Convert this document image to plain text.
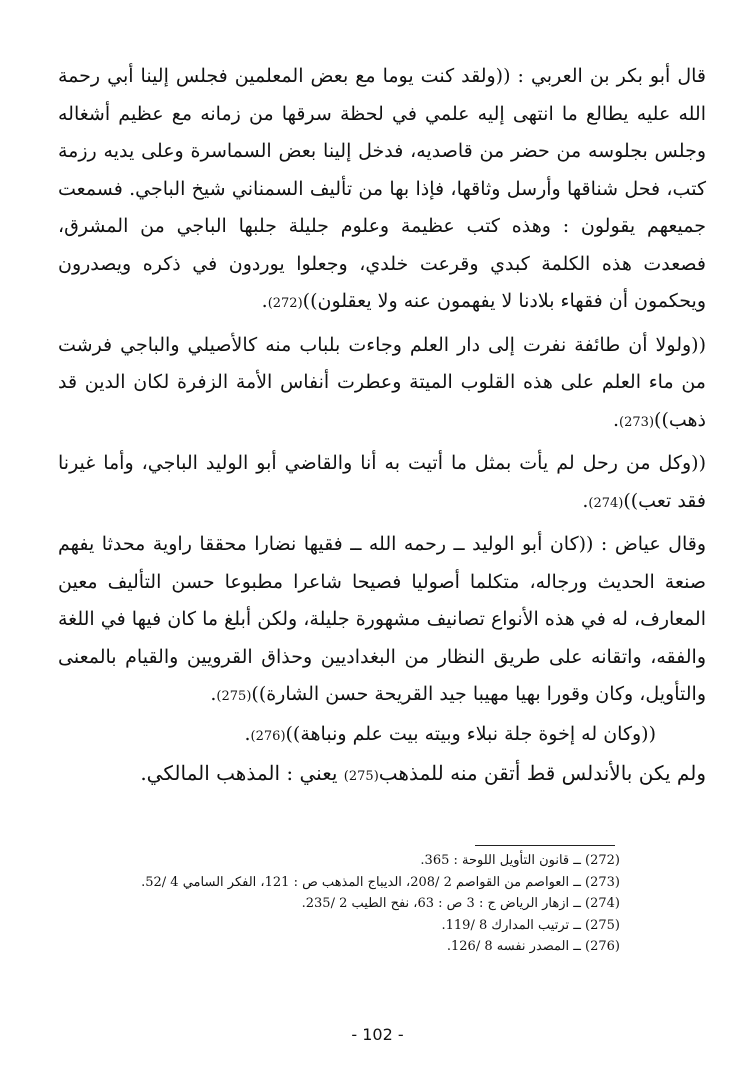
قال أبو بكر بن العربي : ((ولقد كنت يوما مع بعض المعلمين فجلس إلينا أبي رحمة الله عليه يطالع ما انتهى إليه علمي في لحظة سرقها من زمانه مع عظيم أشغاله وجلس بجلوسه من حضر من قاصديه، فدخل إلينا بعض السماسرة وعلى يديه رزمة كتب، فحل شناقها وأرسل وثاقها، فإذا بها من تأليف السمناني شيخ الباجي. فسمعت جميعهم يقولون : وهذه كتب عظيمة وعلوم جليلة جلبها الباجي من المشرق، فصعدت هذه الكلمة كبدي وقرعت خلدي، وجعلوا يوردون في ذكره ويصدرون ويحكمون أن فقهاء بلادنا لا يفهمون عنه ولا يعقلون))(272).

((ولولا أن طائفة نفرت إلى دار العلم وجاءت بلباب منه كالأصيلي والباجي فرشت من ماء العلم على هذه القلوب الميتة وعطرت أنفاس الأمة الزفرة لكان الدين قد ذهب))(273).

((وكل من رحل لم يأت بمثل ما أتيت به أنا والقاضي أبو الوليد الباجي، وأما غيرنا فقد تعب))(274).

وقال عياض : ((كان أبو الوليد ــ رحمه الله ــ فقيها نضارا محققا راوية محدثا يفهم صنعة الحديث ورجاله، متكلما أصوليا فصيحا شاعرا مطبوعا حسن التأليف معين المعارف، له في هذه الأنواع تصانيف مشهورة جليلة، ولكن أبلغ ما كان فيها في اللغة والفقه، واتقانه على طريق النظار من البغداديين وحذاق القرويين والقيام بالمعنى والتأويل، وكان وقورا بهيا مهيبا جيد القريحة حسن الشارة))(275).

((وكان له إخوة جلة نبلاء وبيته بيت علم ونباهة))(276).

ولم يكن بالأندلس قط أتقن منه للمذهب(275) يعني : المذهب المالكي.

(272) ــ قانون التأويل اللوحة : 365.
(273) ــ العواصم من القواصم 2 /208، الديباج المذهب ص : 121، الفكر السامي 4 /52.
(274) ــ ازهار الرياض ج : 3 ص : 63، نفح الطيب 2 /235.
(275) ــ ترتيب المدارك 8 /119.
(276) ــ المصدر نفسه 8 /126.
- 102 -
